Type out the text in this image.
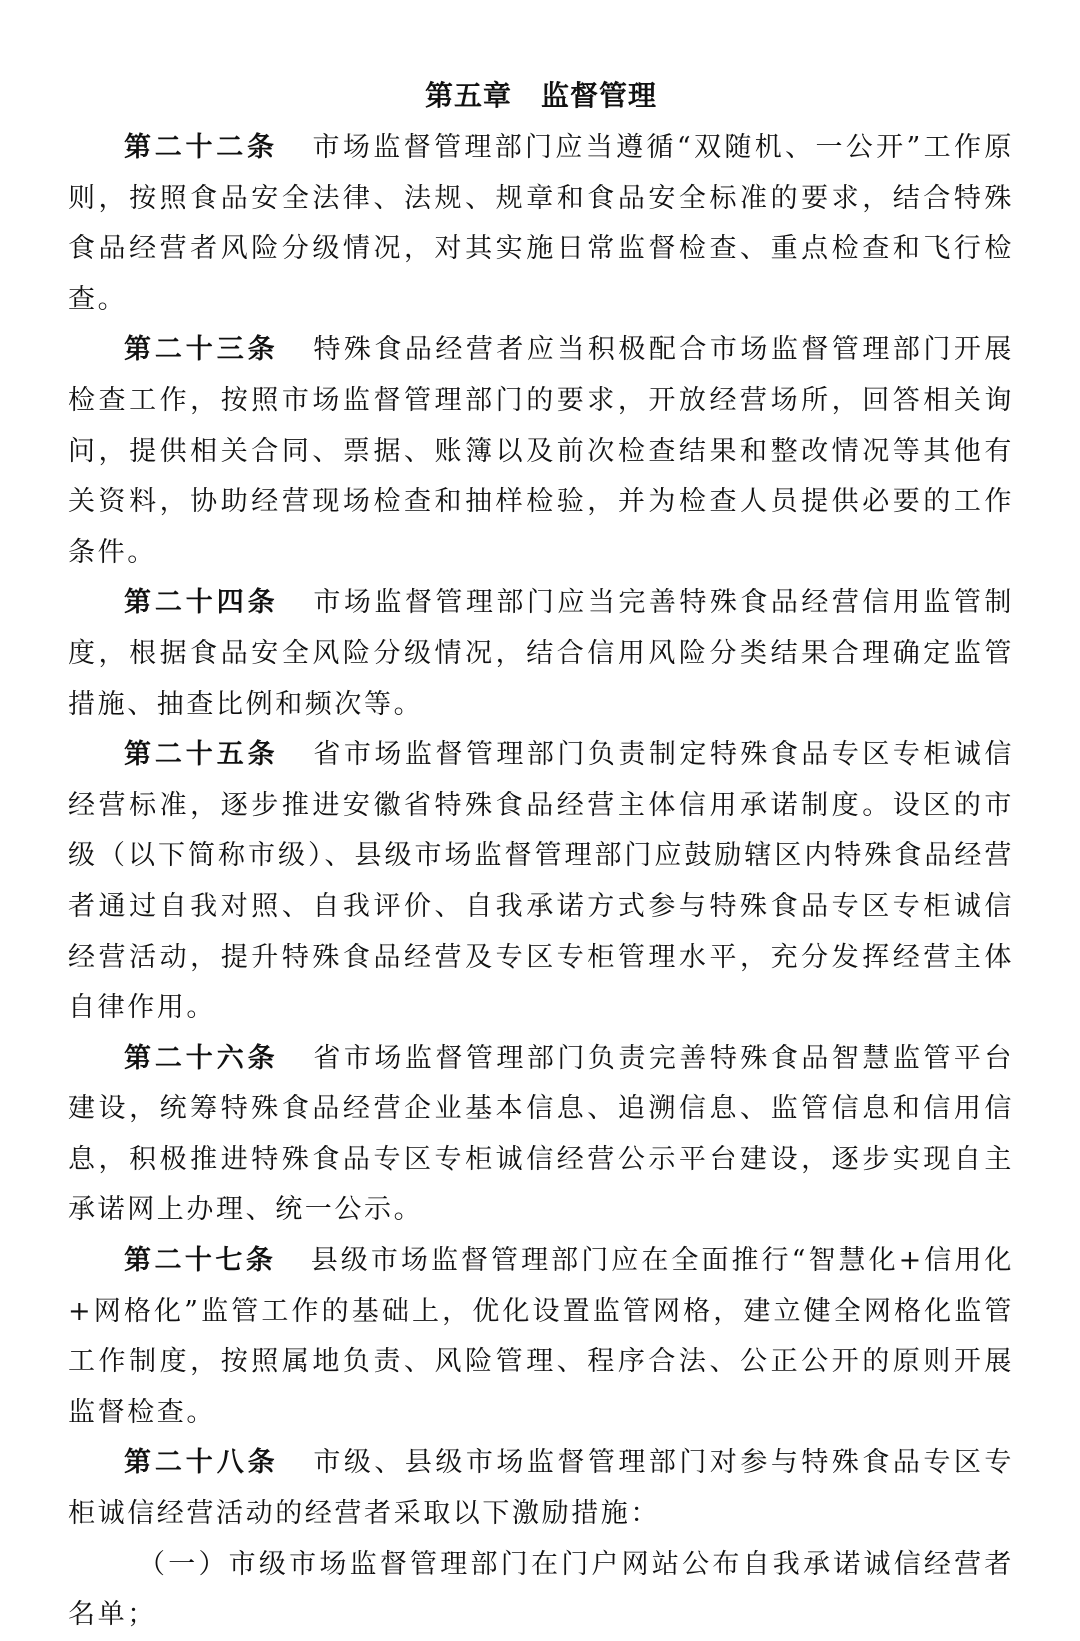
第五章　监督管理

第二十二条 市场监督管理部门应当遵循“双随机、一公开”工作原则，按照食品安全法律、法规、规章和食品安全标准的要求，结合特殊食品经营者风险分级情况，对其实施日常监督检查、重点检查和飞行检查。

第二十三条 特殊食品经营者应当积极配合市场监督管理部门开展检查工作，按照市场监督管理部门的要求，开放经营场所，回答相关询问，提供相关合同、票据、账簿以及前次检查结果和整改情况等其他有关资料，协助经营现场检查和抽样检验，并为检查人员提供必要的工作条件。

第二十四条 市场监督管理部门应当完善特殊食品经营信用监管制度，根据食品安全风险分级情况，结合信用风险分类结果合理确定监管措施、抽查比例和频次等。

第二十五条 省市场监督管理部门负责制定特殊食品专区专柜诚信经营标准，逐步推进安徽省特殊食品经营主体信用承诺制度。设区的市级（以下简称市级）、县级市场监督管理部门应鼓励辖区内特殊食品经营者通过自我对照、自我评价、自我承诺方式参与特殊食品专区专柜诚信经营活动，提升特殊食品经营及专区专柜管理水平，充分发挥经营主体自律作用。

第二十六条 省市场监督管理部门负责完善特殊食品智慧监管平台建设，统筹特殊食品经营企业基本信息、追溯信息、监管信息和信用信息，积极推进特殊食品专区专柜诚信经营公示平台建设，逐步实现自主承诺网上办理、统一公示。

第二十七条 县级市场监督管理部门应在全面推行“智慧化+信用化+网格化”监管工作的基础上，优化设置监管网格，建立健全网格化监管工作制度，按照属地负责、风险管理、程序合法、公正公开的原则开展监督检查。

第二十八条 市级、县级市场监督管理部门对参与特殊食品专区专柜诚信经营活动的经营者采取以下激励措施：

（一）市级市场监督管理部门在门户网站公布自我承诺诚信经营者名单；
